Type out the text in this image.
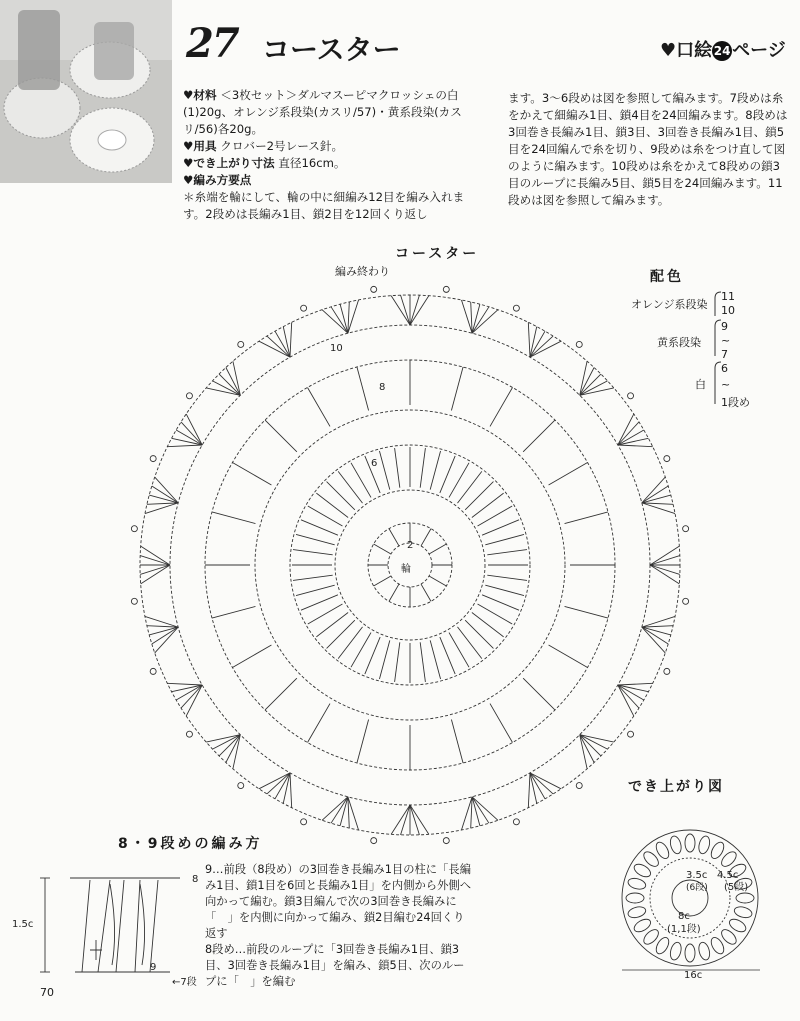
27 コースター	♥口絵 24ページ
♥ 材料 ＜3枚セット＞ダルマスーピマクロッシェの白(1)20g、オレンジ系段染(カスリ/57)・黄系段染(カスリ/56)各20g。
♥ 用具 クロバー2号レース針。
♥ でき上がり寸法 直径16cm。
♥ 編み方要点
＊糸端を輪にして、輪の中に細編み12目を編み入れます。2段めは長編み1目、鎖2目を12回くり返し
ます。3～6段めは図を参照して編みます。7段めは糸をかえて細編み1目、鎖4目を24回編みます。8段めは3回巻き長編み1目、鎖3目、3回巻き長編み1目、鎖5目を24回編んで糸を切り、9段めは糸をつけ直して図のように編みます。10段めは糸をかえて8段めの鎖3目のループに長編み5目、鎖5目を24回編みます。11段めは図を参照して編みます。
コースター
編み終わり
10
8
6
2
輪
配色
オレンジ系段染
11
10
黄系段染
9
~
7
白
6
~
1段め
でき上がり図
16c
3.5c 4.5c
(6段) (5段)
8c
(1,1段)
8・9段めの編み方
1.5c
8
←7段
9
9…前段（8段め）の3回巻き長編み1目の柱に「長編み1目、鎖1目を6回と長編み1目」を内側から外側へ向かって編む。鎖3目編んで次の3回巻き長編みに「　」を内側に向かって編み、鎖2目編む24回くり返す
8段め…前段のループに「3回巻き長編み1目、鎖3目、3回巻き長編み1目」を編み、鎖5目、次のループに「　」を編む
70
